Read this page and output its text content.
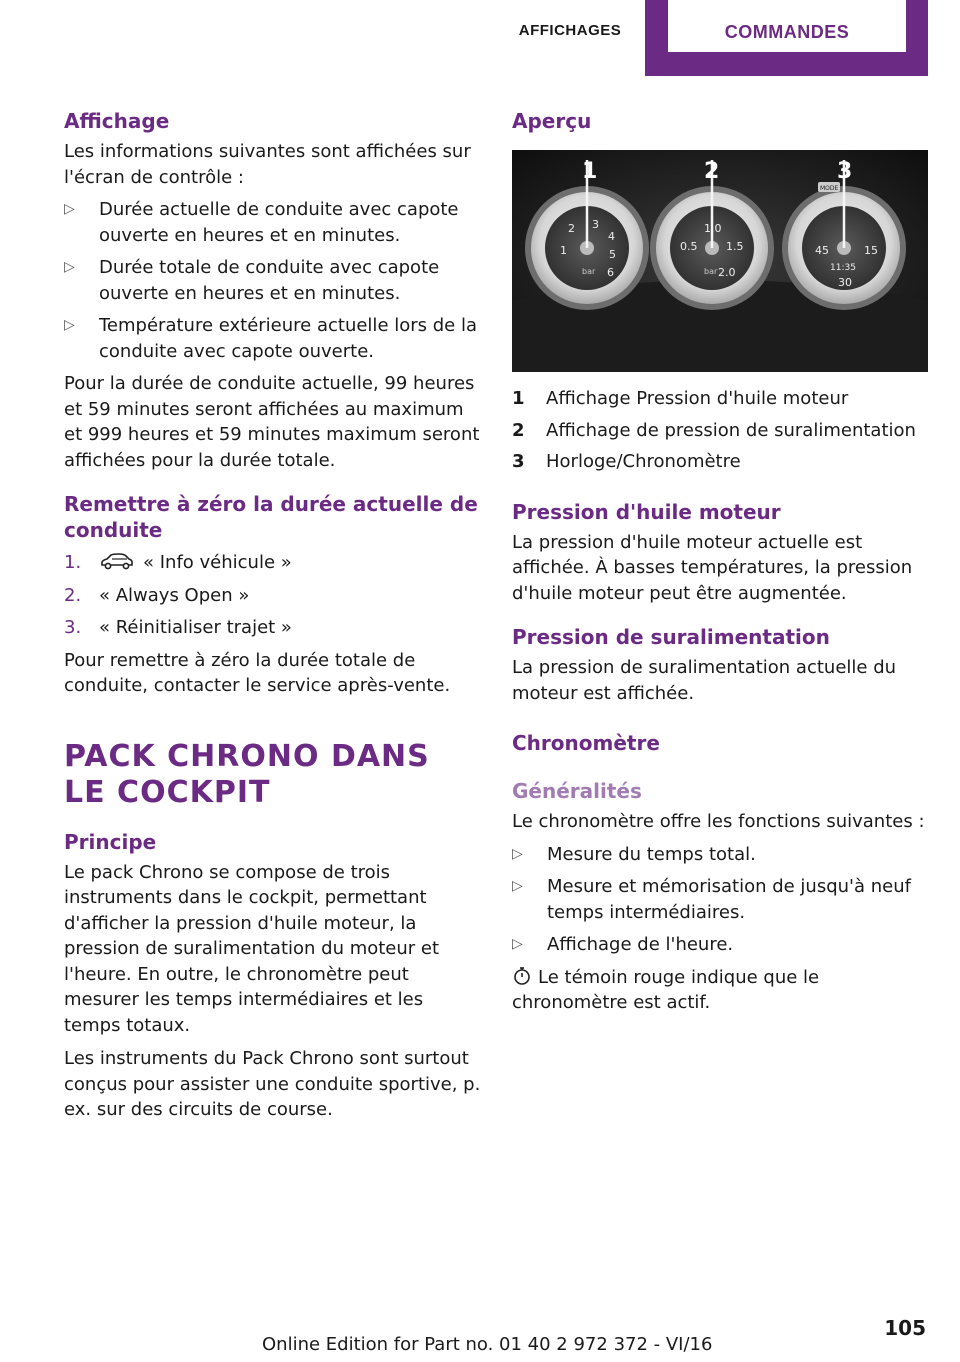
AFFICHAGES	COMMANDES
Affichage
Les informations suivantes sont affichées sur l'écran de contrôle :
▷ Durée actuelle de conduite avec capote ouverte en heures et en minutes.
▷ Durée totale de conduite avec capote ouverte en heures et en minutes.
▷ Température extérieure actuelle lors de la conduite avec capote ouverte.
Pour la durée de conduite actuelle, 99 heures et 59 minutes seront affichées au maximum et 999 heures et 59 minutes maximum seront affichées pour la durée totale.
Remettre à zéro la durée actuelle de conduite
1.	« Info véhicule »
2. « Always Open »
3. « Réinitialiser trajet »
Pour remettre à zéro la durée totale de conduite, contacter le service après-vente.
PACK CHRONO DANS LE COCKPIT
Principe
Le pack Chrono se compose de trois instruments dans le cockpit, permettant d'afficher la pression d'huile moteur, la pression de suralimentation du moteur et l'heure. En outre, le chronomètre peut mesurer les temps intermédiaires et les temps totaux.
Les instruments du Pack Chrono sont surtout conçus pour assister une conduite sportive, p. ex. sur des circuits de course.
Aperçu
1
2 3
4
5
6
bar
0.5
1.0
1.5
2.0
bar
MODE
45	15
30
11:35
1	2	3
1 Affichage Pression d'huile moteur
2 Affichage de pression de suralimentation
3 Horloge/Chronomètre
Pression d'huile moteur
La pression d'huile moteur actuelle est affichée. À basses températures, la pression d'huile moteur peut être augmentée.
Pression de suralimentation
La pression de suralimentation actuelle du moteur est affichée.
Chronomètre
Généralités
Le chronomètre offre les fonctions suivantes :
▷ Mesure du temps total.
▷ Mesure et mémorisation de jusqu'à neuf temps intermédiaires.
▷ Affichage de l'heure.
Le témoin rouge indique que le chronomètre est actif.
105
Online Edition for Part no. 01 40 2 972 372 - VI/16
